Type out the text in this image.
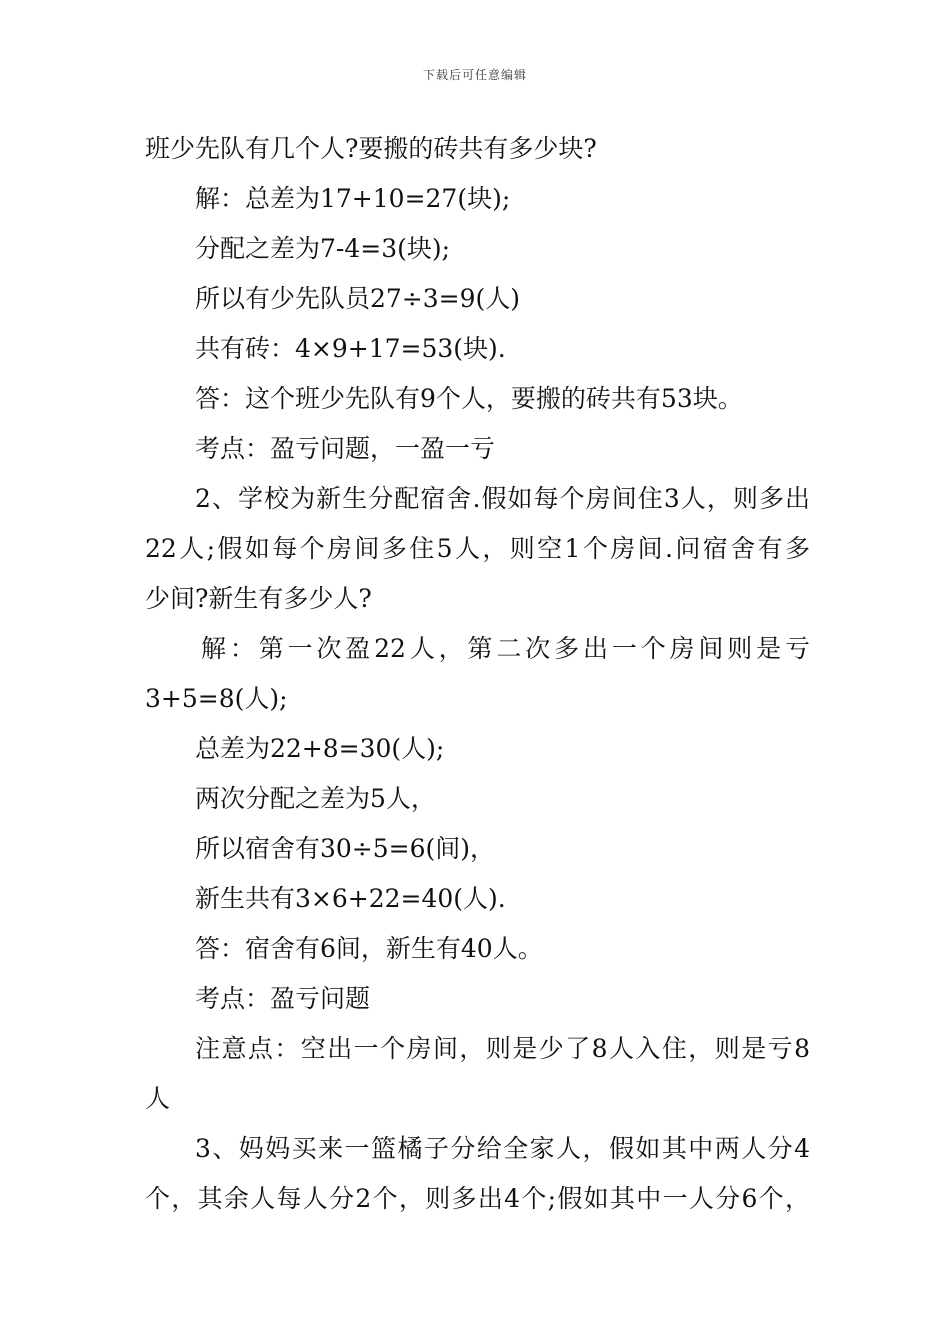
下载后可任意编辑
班少先队有几个人?要搬的砖共有多少块?
解：总差为17+10=27(块);
分配之差为7-4=3(块);
所以有少先队员27÷3=9(人)
共有砖：4×9+17=53(块).
答：这个班少先队有9个人，要搬的砖共有53块。
考点：盈亏问题，一盈一亏
2、学校为新生分配宿舍.假如每个房间住3人，则多出
22人;假如每个房间多住5人，则空1个房间.问宿舍有多
少间?新生有多少人?
解：第一次盈22人，第二次多出一个房间则是亏
3+5=8(人);
总差为22+8=30(人);
两次分配之差为5人，
所以宿舍有30÷5=6(间)，
新生共有3×6+22=40(人).
答：宿舍有6间，新生有40人。
考点：盈亏问题
注意点：空出一个房间，则是少了8人入住，则是亏8
人
3、妈妈买来一篮橘子分给全家人，假如其中两人分4
个，其余人每人分2个，则多出4个;假如其中一人分6个，
